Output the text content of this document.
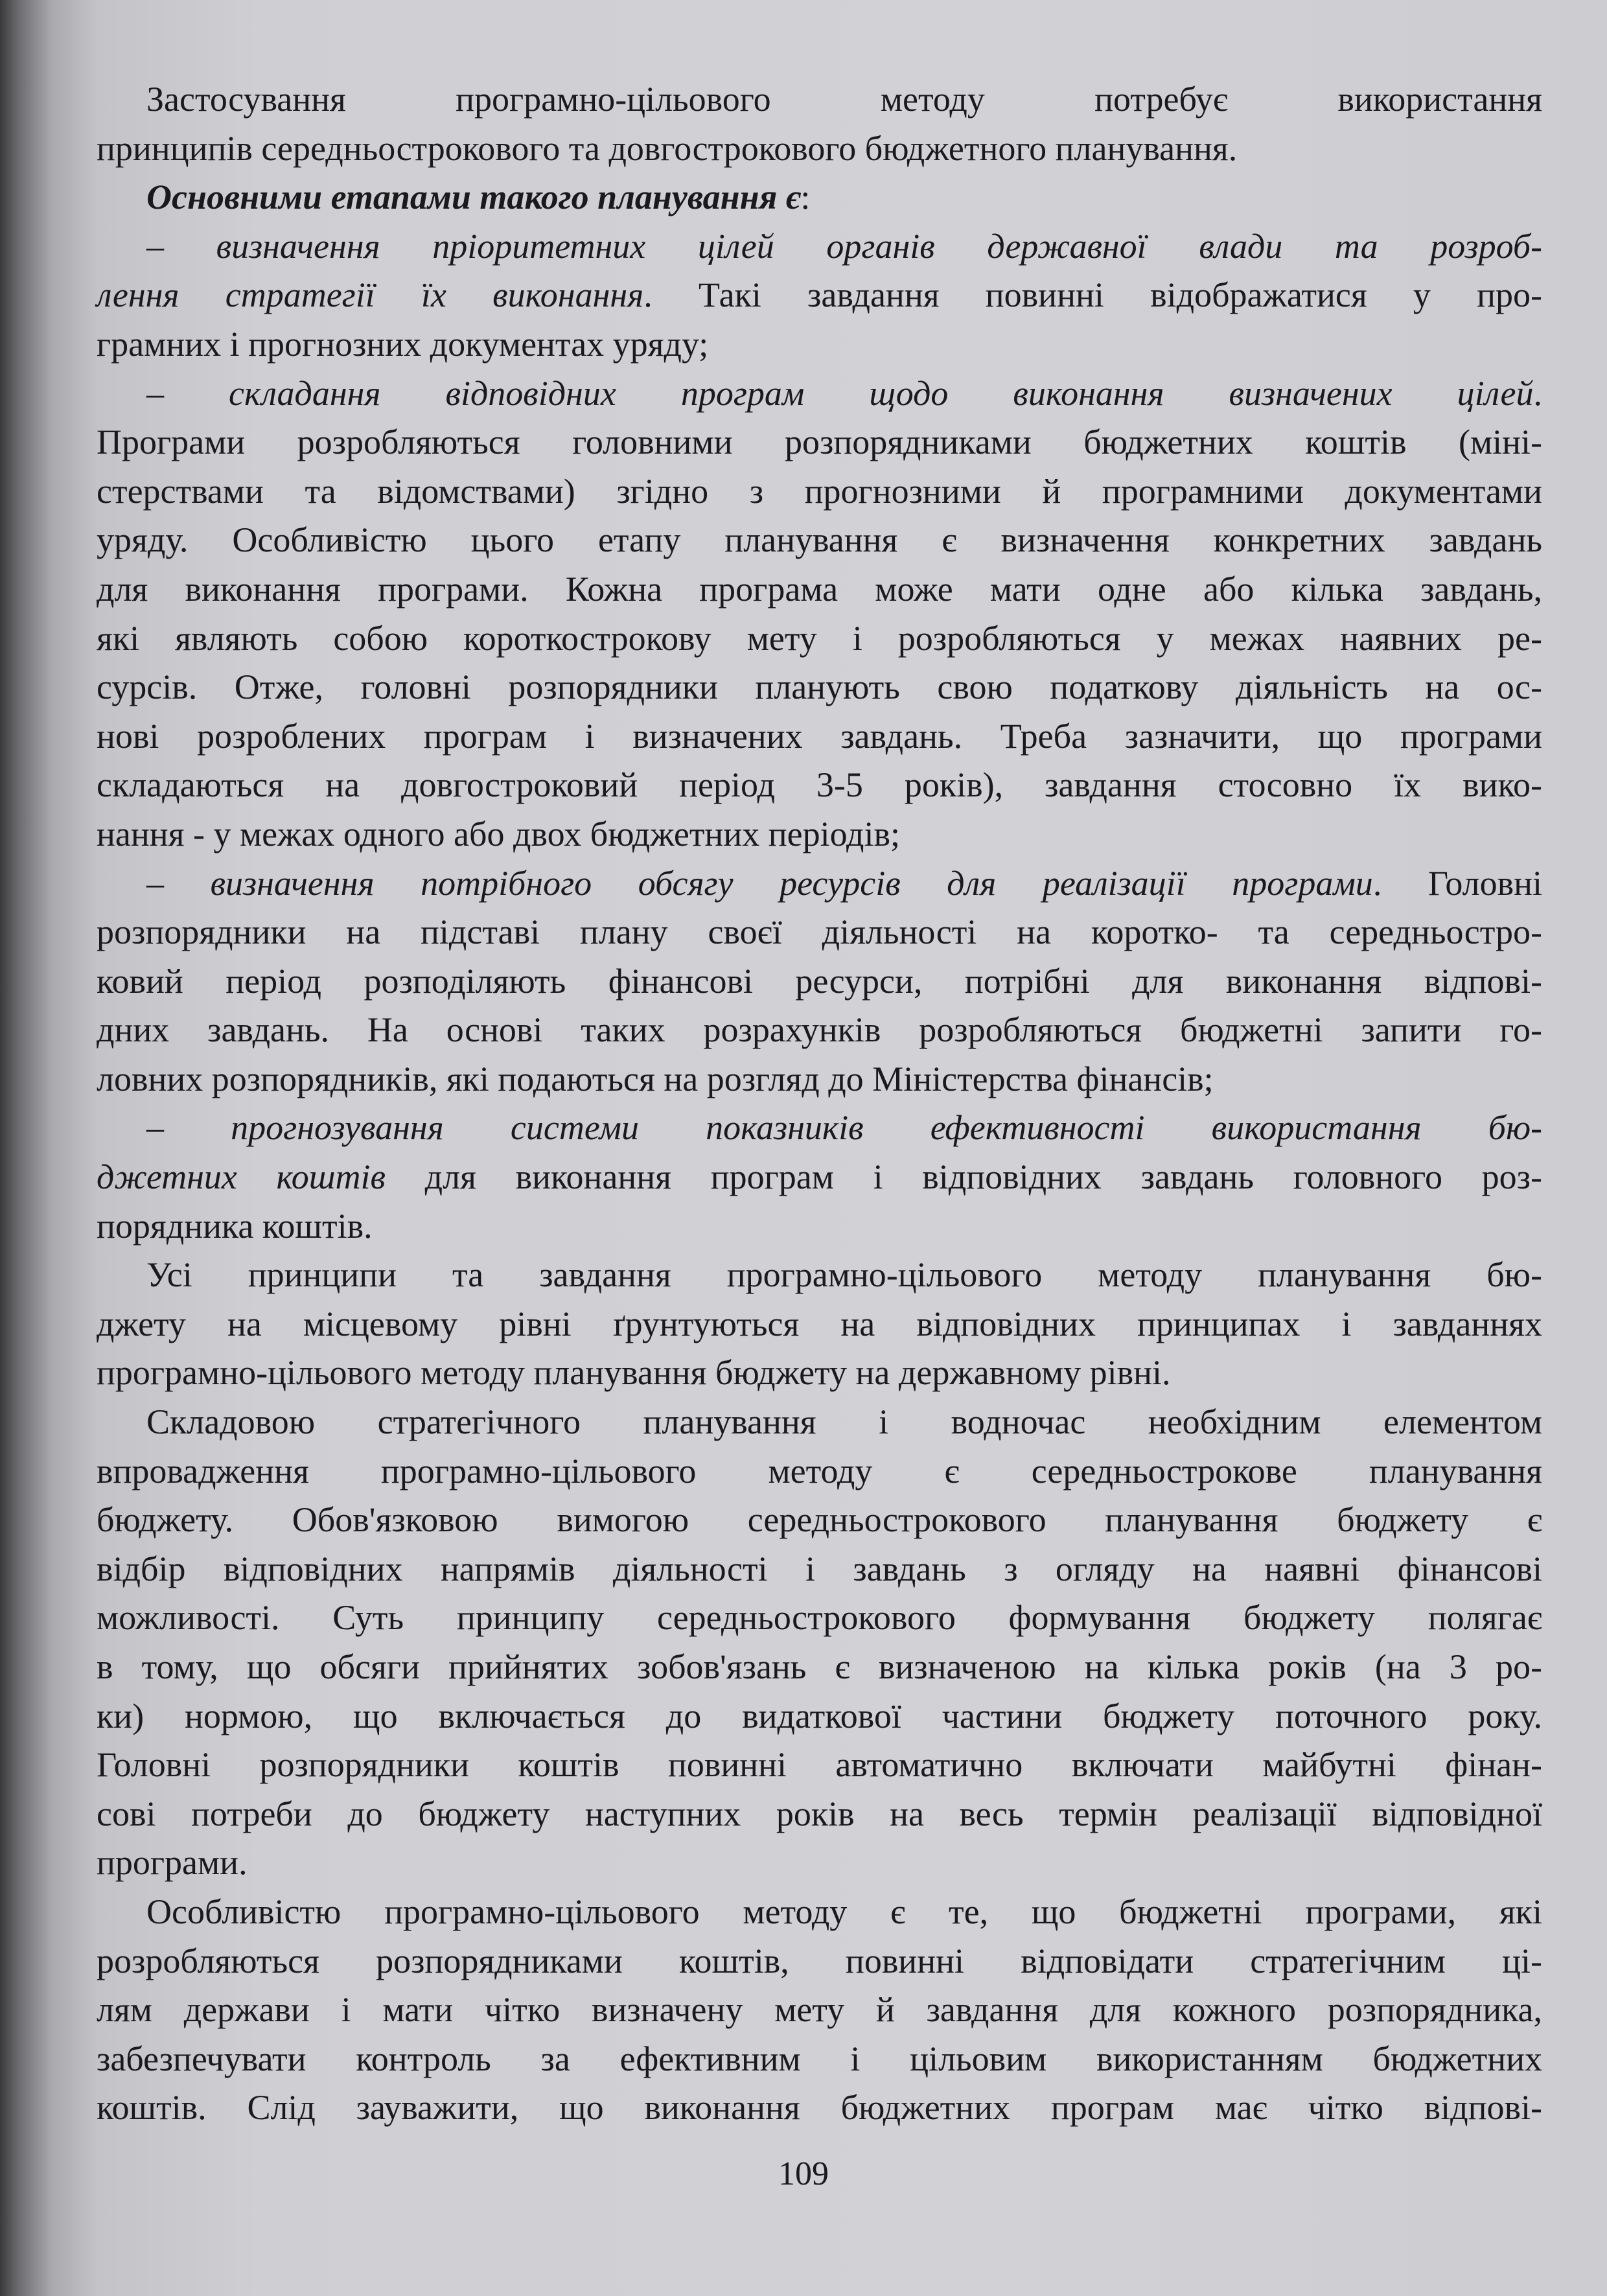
Застосування програмно-цільового методу потребує використання
принципів середньострокового та довгострокового бюджетного планування.
Основними етапами такого планування є:
– визначення пріоритетних цілей органів державної влади та розроб-
лення стратегії їх виконання. Такі завдання повинні відображатися у про-
грамних і прогнозних документах уряду;
– складання відповідних програм щодо виконання визначених цілей.
Програми розробляються головними розпорядниками бюджетних коштів (міні-
стерствами та відомствами) згідно з прогнозними й програмними документами
уряду. Особливістю цього етапу планування є визначення конкретних завдань
для виконання програми. Кожна програма може мати одне або кілька завдань,
які являють собою короткострокову мету і розробляються у межах наявних ре-
сурсів. Отже, головні розпорядники планують свою податкову діяльність на ос-
нові розроблених програм і визначених завдань. Треба зазначити, що програми
складаються на довгостроковий період 3-5 років), завдання стосовно їх вико-
нання - у межах одного або двох бюджетних періодів;
– визначення потрібного обсягу ресурсів для реалізації програми. Головні
розпорядники на підставі плану своєї діяльності на коротко- та середньостро-
ковий період розподіляють фінансові ресурси, потрібні для виконання відпові-
дних завдань. На основі таких розрахунків розробляються бюджетні запити го-
ловних розпорядників, які подаються на розгляд до Міністерства фінансів;
– прогнозування системи показників ефективності використання бю-
джетних коштів для виконання програм і відповідних завдань головного роз-
порядника коштів.
Усі принципи та завдання програмно-цільового методу планування бю-
джету на місцевому рівні ґрунтуються на відповідних принципах і завданнях
програмно-цільового методу планування бюджету на державному рівні.
Складовою стратегічного планування і водночас необхідним елементом
впровадження програмно-цільового методу є середньострокове планування
бюджету. Обов'язковою вимогою середньострокового планування бюджету є
відбір відповідних напрямів діяльності і завдань з огляду на наявні фінансові
можливості. Суть принципу середньострокового формування бюджету полягає
в тому, що обсяги прийнятих зобов'язань є визначеною на кілька років (на 3 ро-
ки) нормою, що включається до видаткової частини бюджету поточного року.
Головні розпорядники коштів повинні автоматично включати майбутні фінан-
сові потреби до бюджету наступних років на весь термін реалізації відповідної
програми.
Особливістю програмно-цільового методу є те, що бюджетні програми, які
розробляються розпорядниками коштів, повинні відповідати стратегічним ці-
лям держави і мати чітко визначену мету й завдання для кожного розпорядника,
забезпечувати контроль за ефективним і цільовим використанням бюджетних
коштів. Слід зауважити, що виконання бюджетних програм має чітко відпові-
109
